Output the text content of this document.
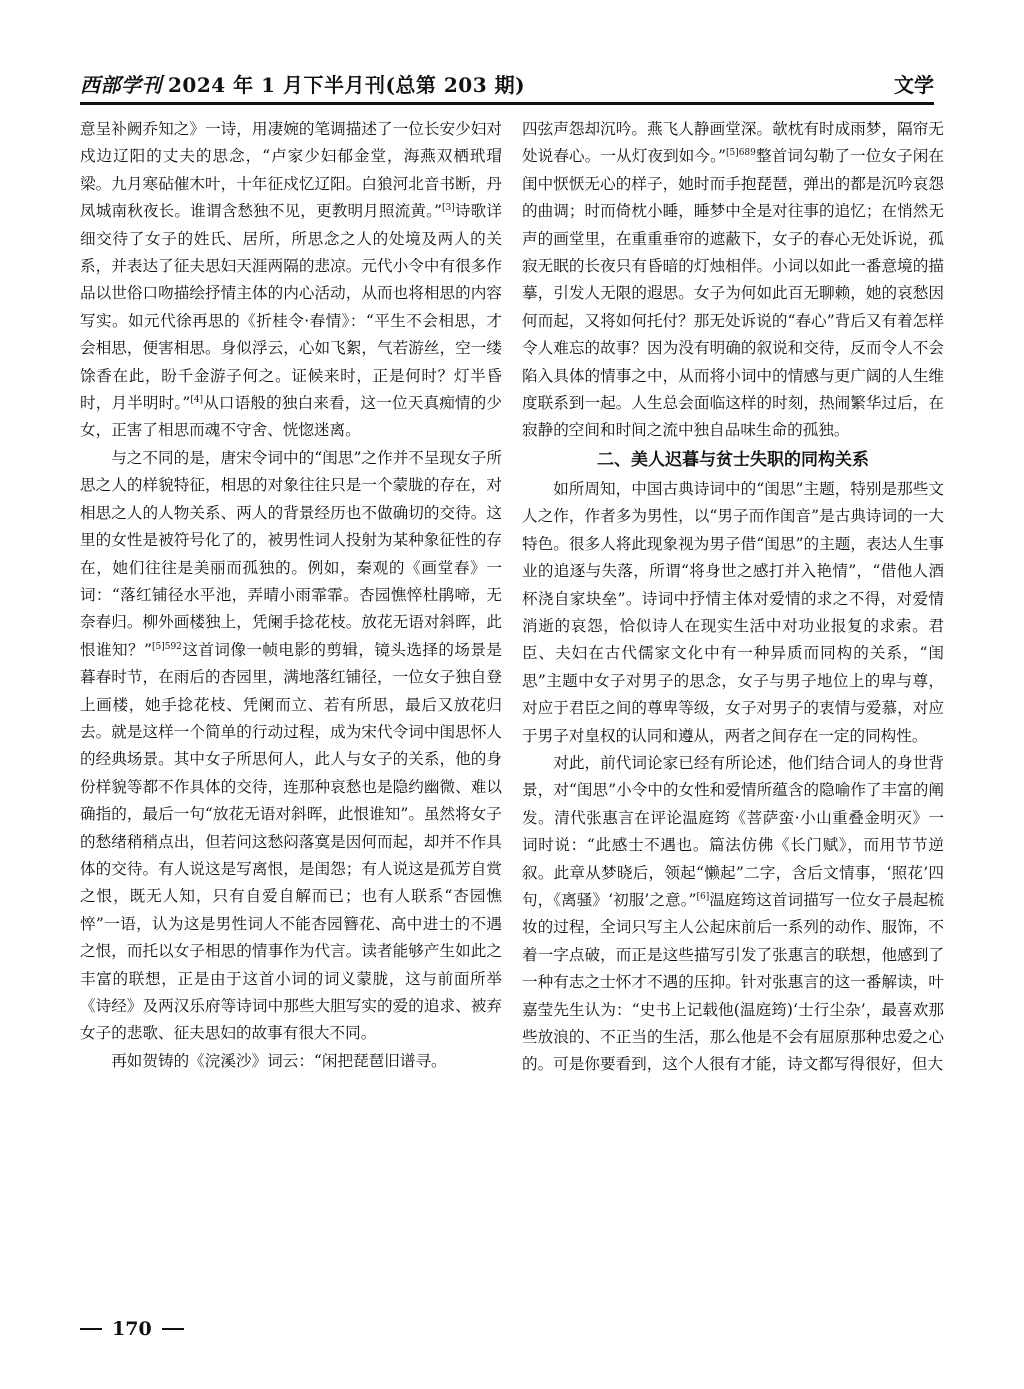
西部学刊 2024 年 1 月下半月刊(总第 203 期)	文学

意呈补阙乔知之》一诗，用凄婉的笔调描述了一位长安少妇对戍边辽阳的丈夫的思念，“卢家少妇郁金堂，海燕双栖玳瑁梁。九月寒砧催木叶，十年征戍忆辽阳。白狼河北音书断，丹凤城南秋夜长。谁谓含愁独不见，更教明月照流黄。”[3]诗歌详细交待了女子的姓氏、居所，所思念之人的处境及两人的关系，并表达了征夫思妇天涯两隔的悲凉。元代小令中有很多作品以世俗口吻描绘抒情主体的内心活动，从而也将相思的内容写实。如元代徐再思的《折桂令·春情》：“平生不会相思，才会相思，便害相思。身似浮云，心如飞絮，气若游丝，空一缕馀香在此，盼千金游子何之。证候来时，正是何时？灯半昏时，月半明时。”[4]从口语般的独白来看，这一位天真痴情的少女，正害了相思而魂不守舍、恍惚迷离。

与之不同的是，唐宋令词中的“闺思”之作并不呈现女子所思之人的样貌特征，相思的对象往往只是一个蒙胧的存在，对相思之人的人物关系、两人的背景经历也不做确切的交待。这里的女性是被符号化了的，被男性词人投射为某种象征性的存在，她们往往是美丽而孤独的。例如，秦观的《画堂春》一词：“落红铺径水平池，弄晴小雨霏霏。杏园憔悴杜鹃啼，无奈春归。柳外画楼独上，凭阑手捻花枝。放花无语对斜晖，此恨谁知？”$^{[5]592}$这首词像一帧电影的剪辑，镜头选择的场景是暮春时节，在雨后的杏园里，满地落红铺径，一位女子独自登上画楼，她手捻花枝、凭阑而立、若有所思，最后又放花归去。就是这样一个简单的行动过程，成为宋代令词中闺思怀人的经典场景。其中女子所思何人，此人与女子的关系，他的身份样貌等都不作具体的交待，连那种哀愁也是隐约幽微、难以确指的，最后一句“放花无语对斜晖，此恨谁知”。虽然将女子的愁绪稍稍点出，但若问这愁闷落寞是因何而起，却并不作具体的交待。有人说这是写离恨，是闺怨；有人说这是孤芳自赏之恨，既无人知，只有自爱自解而已；也有人联系“杏园憔悴”一语，认为这是男性词人不能杏园簪花、高中进士的不遇之恨，而托以女子相思的情事作为代言。读者能够产生如此之丰富的联想，正是由于这首小词的词义蒙胧，这与前面所举《诗经》及两汉乐府等诗词中那些大胆写实的爱的追求、被弃女子的悲歌、征夫思妇的故事有很大不同。

再如贺铸的《浣溪沙》词云：“闲把琵琶旧谱寻。

四弦声怨却沉吟。燕飞人静画堂深。欹枕有时成雨梦，隔帘无处说春心。一从灯夜到如今。”$^{[5]689}$整首词勾勒了一位女子闲在闺中恹恹无心的样子，她时而手抱琵琶，弹出的都是沉吟哀怨的曲调；时而倚枕小睡，睡梦中全是对往事的追忆；在悄然无声的画堂里，在重重垂帘的遮蔽下，女子的春心无处诉说，孤寂无眠的长夜只有昏暗的灯烛相伴。小词以如此一番意境的描摹，引发人无限的遐思。女子为何如此百无聊赖，她的哀愁因何而起，又将如何托付？那无处诉说的“春心”背后又有着怎样令人难忘的故事？因为没有明确的叙说和交待，反而令人不会陷入具体的情事之中，从而将小词中的情感与更广阔的人生维度联系到一起。人生总会面临这样的时刻，热闹繁华过后，在寂静的空间和时间之流中独自品味生命的孤独。

二、美人迟暮与贫士失职的同构关系

如所周知，中国古典诗词中的“闺思”主题，特别是那些文人之作，作者多为男性，以“男子而作闺音”是古典诗词的一大特色。很多人将此现象视为男子借“闺思”的主题，表达人生事业的追逐与失落，所谓“将身世之感打并入艳情”，“借他人酒杯浇自家块垒”。诗词中抒情主体对爱情的求之不得，对爱情消逝的哀怨，恰似诗人在现实生活中对功业报复的求索。君臣、夫妇在古代儒家文化中有一种异质而同构的关系，“闺思”主题中女子对男子的思念，女子与男子地位上的卑与尊，对应于君臣之间的尊卑等级，女子对男子的衷情与爱慕，对应于男子对皇权的认同和遵从，两者之间存在一定的同构性。

对此，前代词论家已经有所论述，他们结合词人的身世背景，对“闺思”小令中的女性和爱情所蕴含的隐喻作了丰富的阐发。清代张惠言在评论温庭筠《菩萨蛮·小山重叠金明灭》一词时说：“此感士不遇也。篇法仿佛《长门赋》，而用节节逆叙。此章从梦晓后，领起“懒起”二字，含后文情事，‘照花’四句，《离骚》‘初服’之意。”[6]温庭筠这首词描写一位女子晨起梳妆的过程，全词只写主人公起床前后一系列的动作、服饰，不着一字点破，而正是这些描写引发了张惠言的联想，他感到了一种有志之士怀才不遇的压抑。针对张惠言的这一番解读，叶嘉莹先生认为：“史书上记载他(温庭筠)‘士行尘杂’，最喜欢那些放浪的、不正当的生活，那么他是不会有屈原那种忠爱之心的。可是你要看到，这个人很有才能，诗文都写得很好，但大

170
